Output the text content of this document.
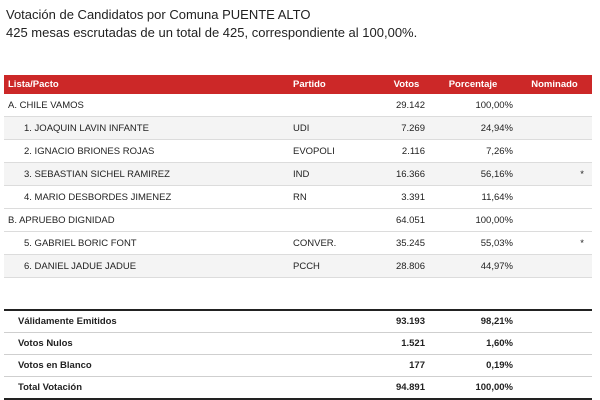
Votación de Candidatos por Comuna PUENTE ALTO
425 mesas escrutadas de un total de 425, correspondiente al 100,00%.
Lista/Pacto	Partido	Votos	Porcentaje	Nominado
A. CHILE VAMOS		29.142	100,00%	
1. JOAQUIN LAVIN INFANTE	UDI	7.269	24,94%	
2. IGNACIO BRIONES ROJAS	EVOPOLI	2.116	7,26%	
3. SEBASTIAN SICHEL RAMIREZ	IND	16.366	56,16%	*
4. MARIO DESBORDES JIMENEZ	RN	3.391	11,64%	
B. APRUEBO DIGNIDAD		64.051	100,00%	
5. GABRIEL BORIC FONT	CONVER.	35.245	55,03%	*
6. DANIEL JADUE JADUE	PCCH	28.806	44,97%	
Válidamente Emitidos		93.193	98,21%	
Votos Nulos		1.521	1,60%	
Votos en Blanco		177	0,19%	
Total Votación		94.891	100,00%	
